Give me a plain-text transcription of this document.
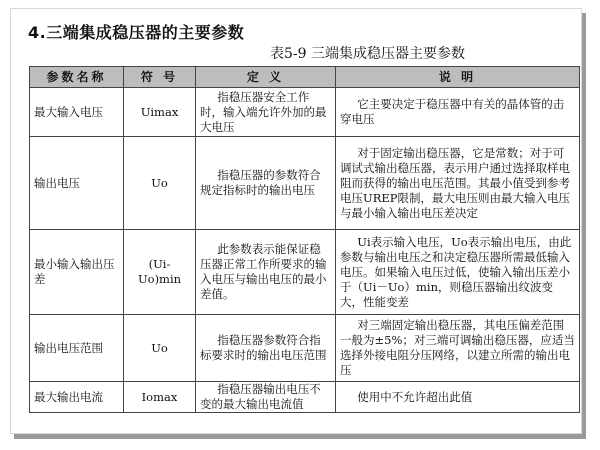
4.三端集成稳压器的主要参数
表5-9 三端集成稳压器主要参数
参数名称	符 号	定 义	说 明
最大输入电压	Uimax	指稳压器安全工作时，输入端允许外加的最大电压	它主要决定于稳压器中有关的晶体管的击穿电压
输出电压	Uo	指稳压器的参数符合规定指标时的输出电压	对于固定输出稳压器，它是常数；对于可调试式输出稳压器，表示用户通过选择取样电阻而获得的输出电压范围。其最小值受到参考电压UREP限制，最大电压则由最大输入电压与最小输入输出电压差决定
最小输入输出压差	(Ui-Uo)min	此参数表示能保证稳压器正常工作所要求的输入电压与输出电压的最小差值。	Ui表示输入电压，Uo表示输出电压，由此参数与输出电压之和决定稳压器所需最低输入电压。如果输入电压过低，使输入输出压差小于（Ui－Uo）min，则稳压器输出纹波变大，性能变差
输出电压范围	Uo	指稳压器参数符合指标要求时的输出电压范围	对三端固定输出稳压器，其电压偏差范围一般为±5%；对三端可调输出稳压器，应适当选择外接电阻分压网络，以建立所需的输出电压
最大输出电流	Iomax	指稳压器输出电压不变的最大输出电流值	使用中不允许超出此值
